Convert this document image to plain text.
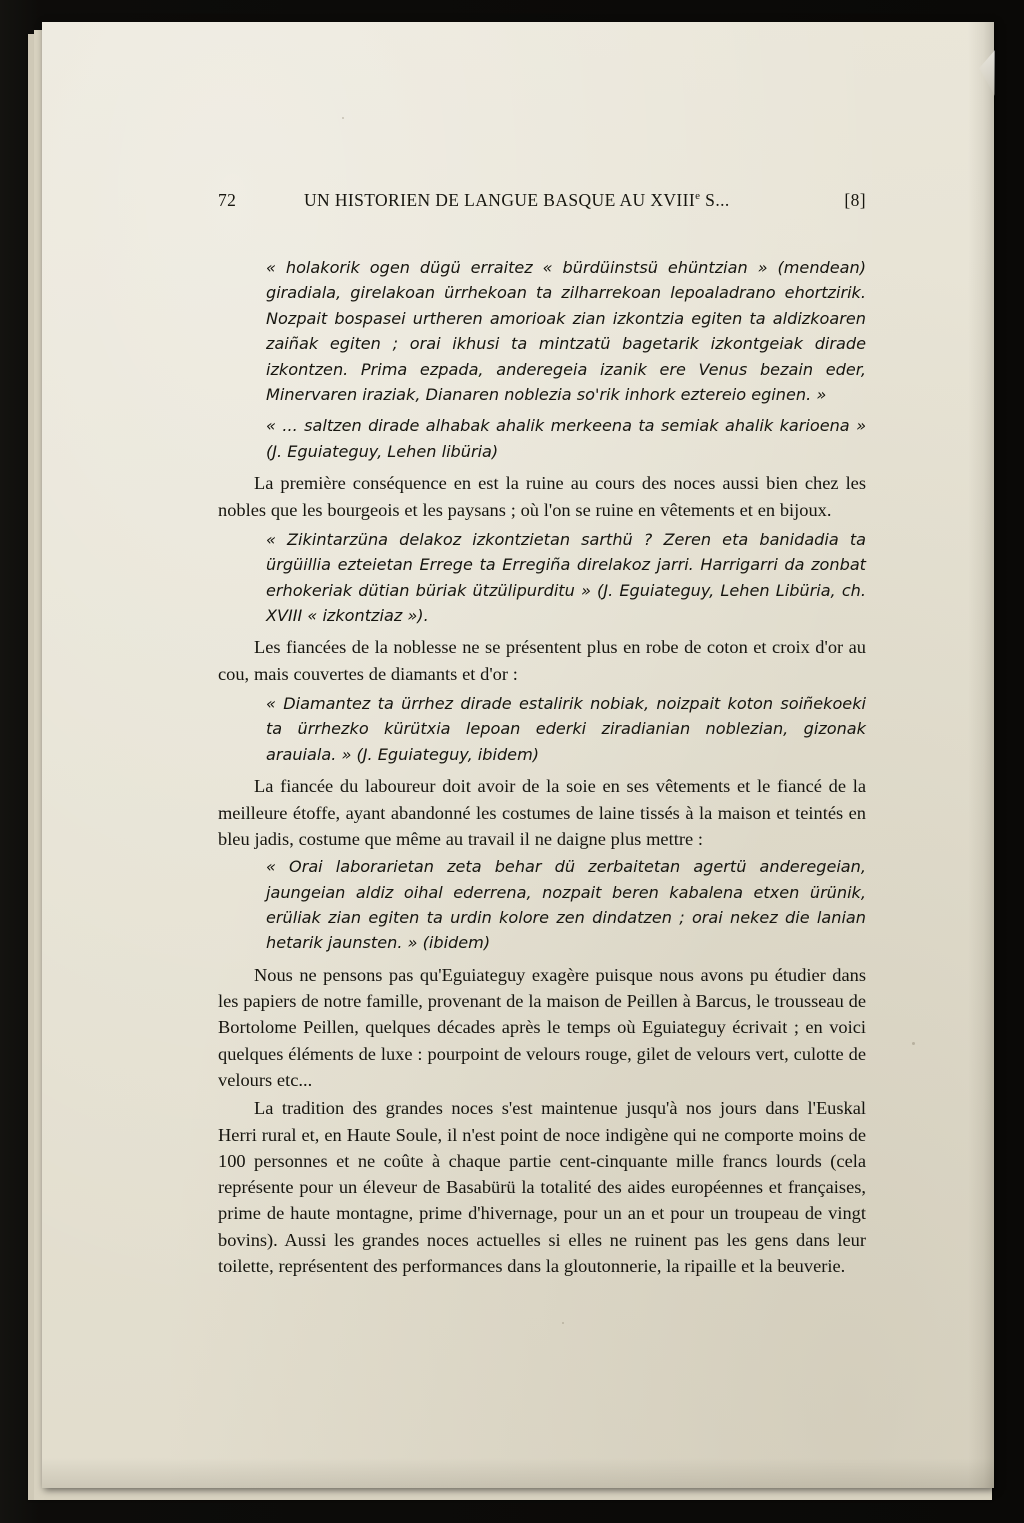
72	UN HISTORIEN DE LANGUE BASQUE AU XVIIIe S...	[8]

« holakorik ogen dügü erraitez « bürdüinstsü ehüntzian » (mendean) giradiala, girelakoan ürrhekoan ta zilharrekoan lepoaladrano ehortzirik. Nozpait bospasei urtheren amorioak zian izkontzia egiten ta aldizkoaren zaiñak egiten ; orai ikhusi ta mintzatü bagetarik izkontgeiak dirade izkontzen. Prima ezpada, anderegeia izanik ere Venus bezain eder, Minervaren iraziak, Dianaren noblezia so'rik inhork eztereio eginen. »

« ... saltzen dirade alhabak ahalik merkeena ta semiak ahalik karioena » (J. Eguiateguy, Lehen libüria)

La première conséquence en est la ruine au cours des noces aussi bien chez les nobles que les bourgeois et les paysans ; où l'on se ruine en vêtements et en bijoux.

« Zikintarzüna delakoz izkontzietan sarthü ? Zeren eta banidadia ta ürgüillia ezteietan Errege ta Erregiña direlakoz jarri. Harrigarri da zonbat erhokeriak dütian büriak ützülipurditu » (J. Eguiateguy, Lehen Libüria, ch. XVIII « izkontziaz »).

Les fiancées de la noblesse ne se présentent plus en robe de coton et croix d'or au cou, mais couvertes de diamants et d'or :

« Diamantez ta ürrhez dirade estalirik nobiak, noizpait koton soiñekoeki ta ürrhezko kürütxia lepoan ederki ziradianian noblezian, gizonak arauiala. » (J. Eguiateguy, ibidem)

La fiancée du laboureur doit avoir de la soie en ses vêtements et le fiancé de la meilleure étoffe, ayant abandonné les costumes de laine tissés à la maison et teintés en bleu jadis, costume que même au travail il ne daigne plus mettre :

« Orai laborarietan zeta behar dü zerbaitetan agertü anderegeian, jaungeian aldiz oihal ederrena, nozpait beren kabalena etxen ürünik, erüliak zian egiten ta urdin kolore zen dindatzen ; orai nekez die lanian hetarik jaunsten. » (ibidem)

Nous ne pensons pas qu'Eguiateguy exagère puisque nous avons pu étudier dans les papiers de notre famille, provenant de la maison de Peillen à Barcus, le trousseau de Bortolome Peillen, quelques décades après le temps où Eguiateguy écrivait ; en voici quelques éléments de luxe : pourpoint de velours rouge, gilet de velours vert, culotte de velours etc...

La tradition des grandes noces s'est maintenue jusqu'à nos jours dans l'Euskal Herri rural et, en Haute Soule, il n'est point de noce indigène qui ne comporte moins de 100 personnes et ne coûte à chaque partie cent-cinquante mille francs lourds (cela représente pour un éleveur de Basabürü la totalité des aides européennes et françaises, prime de haute montagne, prime d'hivernage, pour un an et pour un troupeau de vingt bovins). Aussi les grandes noces actuelles si elles ne ruinent pas les gens dans leur toilette, représentent des performances dans la gloutonnerie, la ripaille et la beuverie.
